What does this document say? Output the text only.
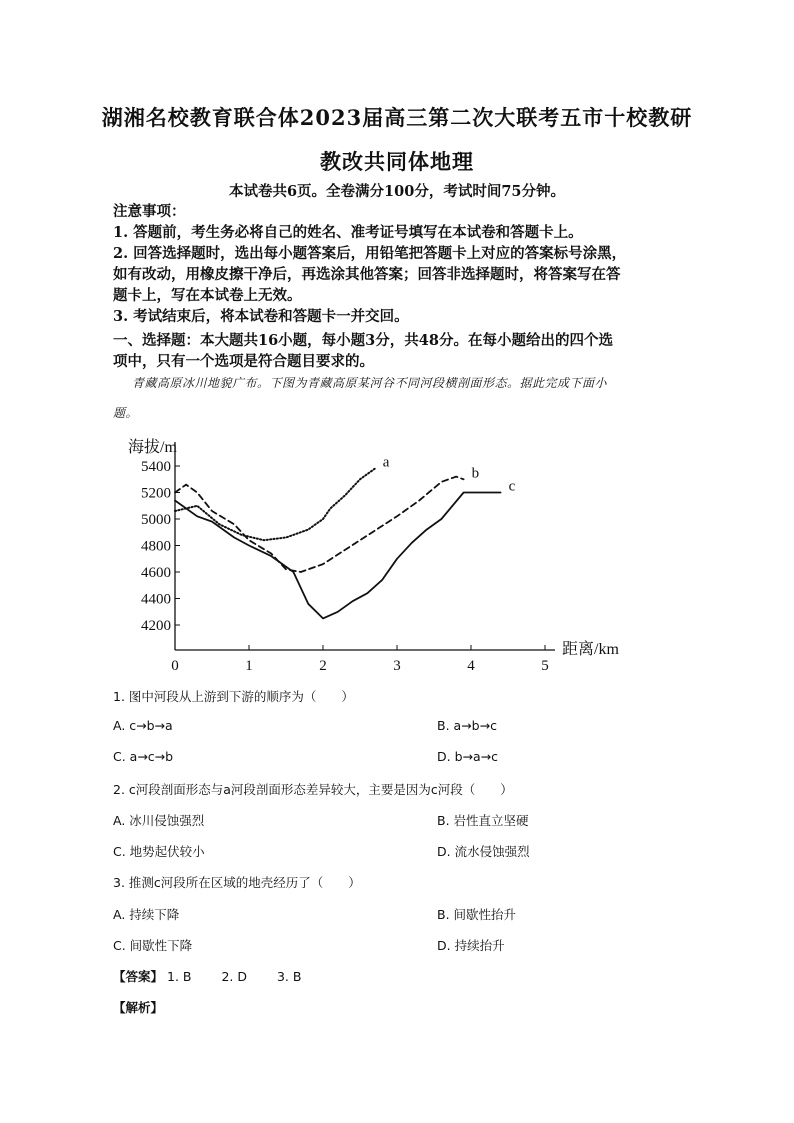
湖湘名校教育联合体2023届高三第二次大联考五市十校教研
教改共同体地理
本试卷共6页。全卷满分100分，考试时间75分钟。

注意事项：

1. 答题前，考生务必将自己的姓名、准考证号填写在本试卷和答题卡上。

2. 回答选择题时，选出每小题答案后，用铅笔把答题卡上对应的答案标号涂黑，

如有改动，用橡皮擦干净后，再选涂其他答案；回答非选择题时，将答案写在答

题卡上，写在本试卷上无效。

3. 考试结束后，将本试卷和答题卡一并交回。

一、选择题：本大题共16小题，每小题3分，共48分。在每小题给出的四个选

项中，只有一个选项是符合题目要求的。

青藏高原冰川地貌广布。下图为青藏高原某河谷不同河段横剖面形态。据此完成下面小
题。
4200
4400
4600
4800
5000
5200
5400
0	1	2	3	4	5
海拔/m
距离/km
a
b
c
1. 图中河段从上游到下游的顺序为（　　）
A. c→b→a	B. a→b→c
C. a→c→b	D. b→a→c
2. c河段剖面形态与a河段剖面形态差异较大，主要是因为c河段（　　）
A. 冰川侵蚀强烈	B. 岩性直立坚硬
C. 地势起伏较小	D. 流水侵蚀强烈
3. 推测c河段所在区域的地壳经历了（　　）
A. 持续下降	B. 间歇性抬升
C. 间歇性下降	D. 持续抬升
【答案】 1. B 2. D 3. B
【解析】
